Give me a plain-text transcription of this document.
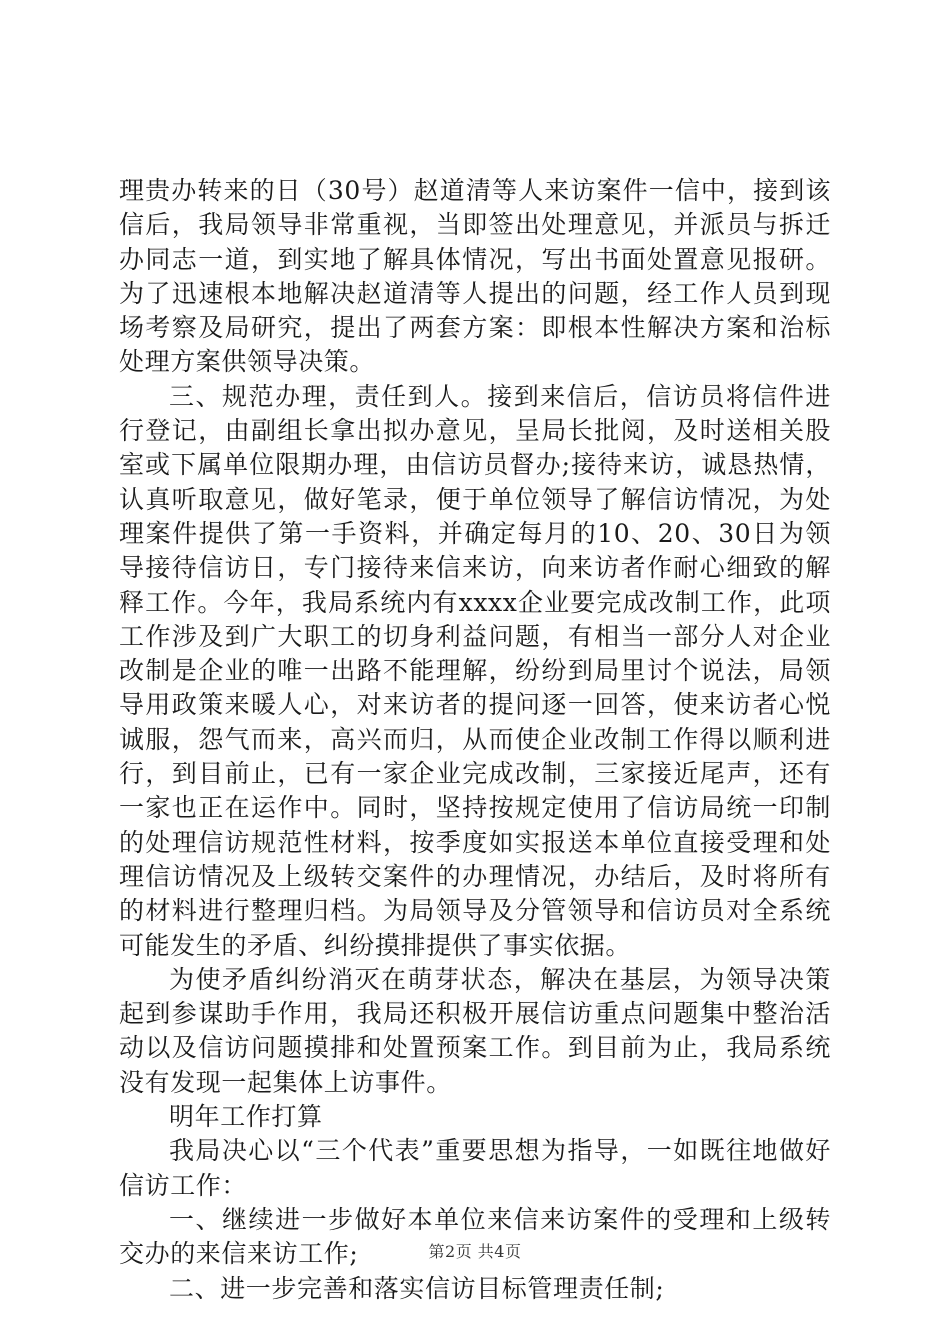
理贵办转来的日（30号）赵道清等人来访案件一信中，接到该信后，我局领导非常重视，当即签出处理意见，并派员与拆迁办同志一道，到实地了解具体情况，写出书面处置意见报研。为了迅速根本地解决赵道清等人提出的问题，经工作人员到现场考察及局研究，提出了两套方案：即根本性解决方案和治标处理方案供领导决策。

三、规范办理，责任到人。接到来信后，信访员将信件进行登记，由副组长拿出拟办意见，呈局长批阅，及时送相关股室或下属单位限期办理，由信访员督办;接待来访，诚恳热情，认真听取意见，做好笔录，便于单位领导了解信访情况，为处理案件提供了第一手资料，并确定每月的10、20、30日为领导接待信访日，专门接待来信来访，向来访者作耐心细致的解释工作。今年，我局系统内有xxxx企业要完成改制工作，此项工作涉及到广大职工的切身利益问题，有相当一部分人对企业改制是企业的唯一出路不能理解，纷纷到局里讨个说法，局领导用政策来暖人心，对来访者的提问逐一回答，使来访者心悦诚服，怨气而来，高兴而归，从而使企业改制工作得以顺利进行，到目前止，已有一家企业完成改制，三家接近尾声，还有一家也正在运作中。同时，坚持按规定使用了信访局统一印制的处理信访规范性材料，按季度如实报送本单位直接受理和处理信访情况及上级转交案件的办理情况，办结后，及时将所有的材料进行整理归档。为局领导及分管领导和信访员对全系统可能发生的矛盾、纠纷摸排提供了事实依据。

为使矛盾纠纷消灭在萌芽状态，解决在基层，为领导决策起到参谋助手作用，我局还积极开展信访重点问题集中整治活动以及信访问题摸排和处置预案工作。到目前为止，我局系统没有发现一起集体上访事件。

明年工作打算

我局决心以“三个代表”重要思想为指导，一如既往地做好信访工作：

一、继续进一步做好本单位来信来访案件的受理和上级转交办的来信来访工作;

二、进一步完善和落实信访目标管理责任制;

第2页 共4页
